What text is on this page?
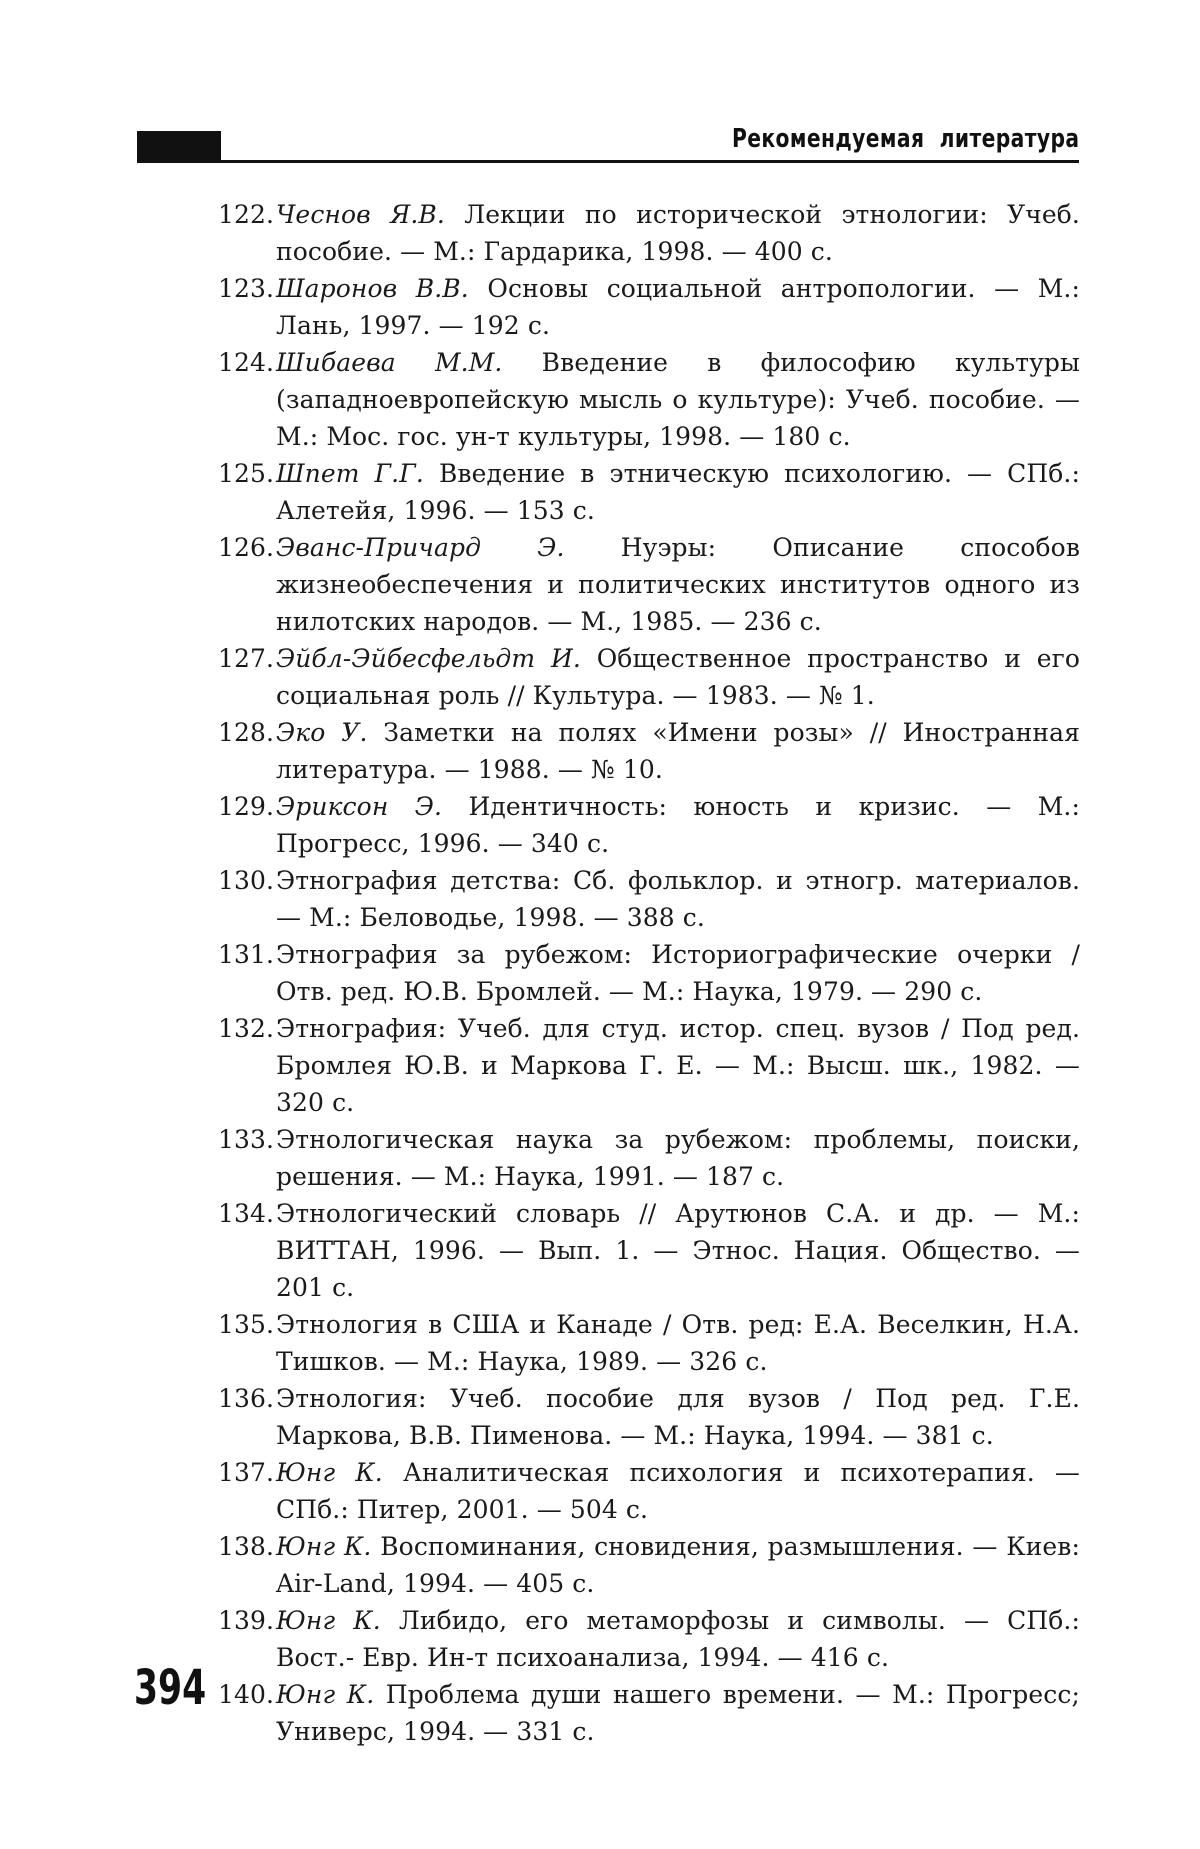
Рекомендуемая литература
122. Чеснов Я.В. Лекции по исторической этнологии: Учеб. пособие. — М.: Гардарика, 1998. — 400 с.
123. Шаронов В.В. Основы социальной антропологии. — М.: Лань, 1997. — 192 с.
124. Шибаева М.М. Введение в философию культуры (западноевропейскую мысль о культуре): Учеб. пособие. — М.: Мос. гос. ун-т культуры, 1998. — 180 с.
125. Шпет Г.Г. Введение в этническую психологию. — СПб.: Алетейя, 1996. — 153 с.
126. Эванс-Причард Э. Нуэры: Описание способов жизнеобеспечения и политических институтов одного из нилотских народов. — М., 1985. — 236 с.
127. Эйбл-Эйбесфельдт И. Общественное пространство и его социальная роль // Культура. — 1983. — № 1.
128. Эко У. Заметки на полях «Имени розы» // Иностранная литература. — 1988. — № 10.
129. Эриксон Э. Идентичность: юность и кризис. — М.: Прогресс, 1996. — 340 с.
130. Этнография детства: Сб. фольклор. и этногр. материалов. — М.: Беловодье, 1998. — 388 с.
131. Этнография за рубежом: Историографические очерки / Отв. ред. Ю.В. Бромлей. — М.: Наука, 1979. — 290 с.
132. Этнография: Учеб. для студ. истор. спец. вузов / Под ред. Бромлея Ю.В. и Маркова Г. Е. — М.: Высш. шк., 1982. — 320 с.
133. Этнологическая наука за рубежом: проблемы, поиски, решения. — М.: Наука, 1991. — 187 с.
134. Этнологический словарь // Арутюнов С.А. и др. — М.: ВИТТАН, 1996. — Вып. 1. — Этнос. Нация. Общество. — 201 с.
135. Этнология в США и Канаде / Отв. ред: Е.А. Веселкин, Н.А. Тишков. — М.: Наука, 1989. — 326 с.
136. Этнология: Учеб. пособие для вузов / Под ред. Г.Е. Маркова, В.В. Пименова. — М.: Наука, 1994. — 381 с.
137. Юнг К. Аналитическая психология и психотерапия. — СПб.: Питер, 2001. — 504 с.
138. Юнг К. Воспоминания, сновидения, размышления. — Киев: Air-Land, 1994. — 405 с.
139. Юнг К. Либидо, его метаморфозы и символы. — СПб.: Вост.- Евр. Ин-т психоанализа, 1994. — 416 с.
140. Юнг К. Проблема души нашего времени. — М.: Прогресс; Универс, 1994. — 331 с.
394
